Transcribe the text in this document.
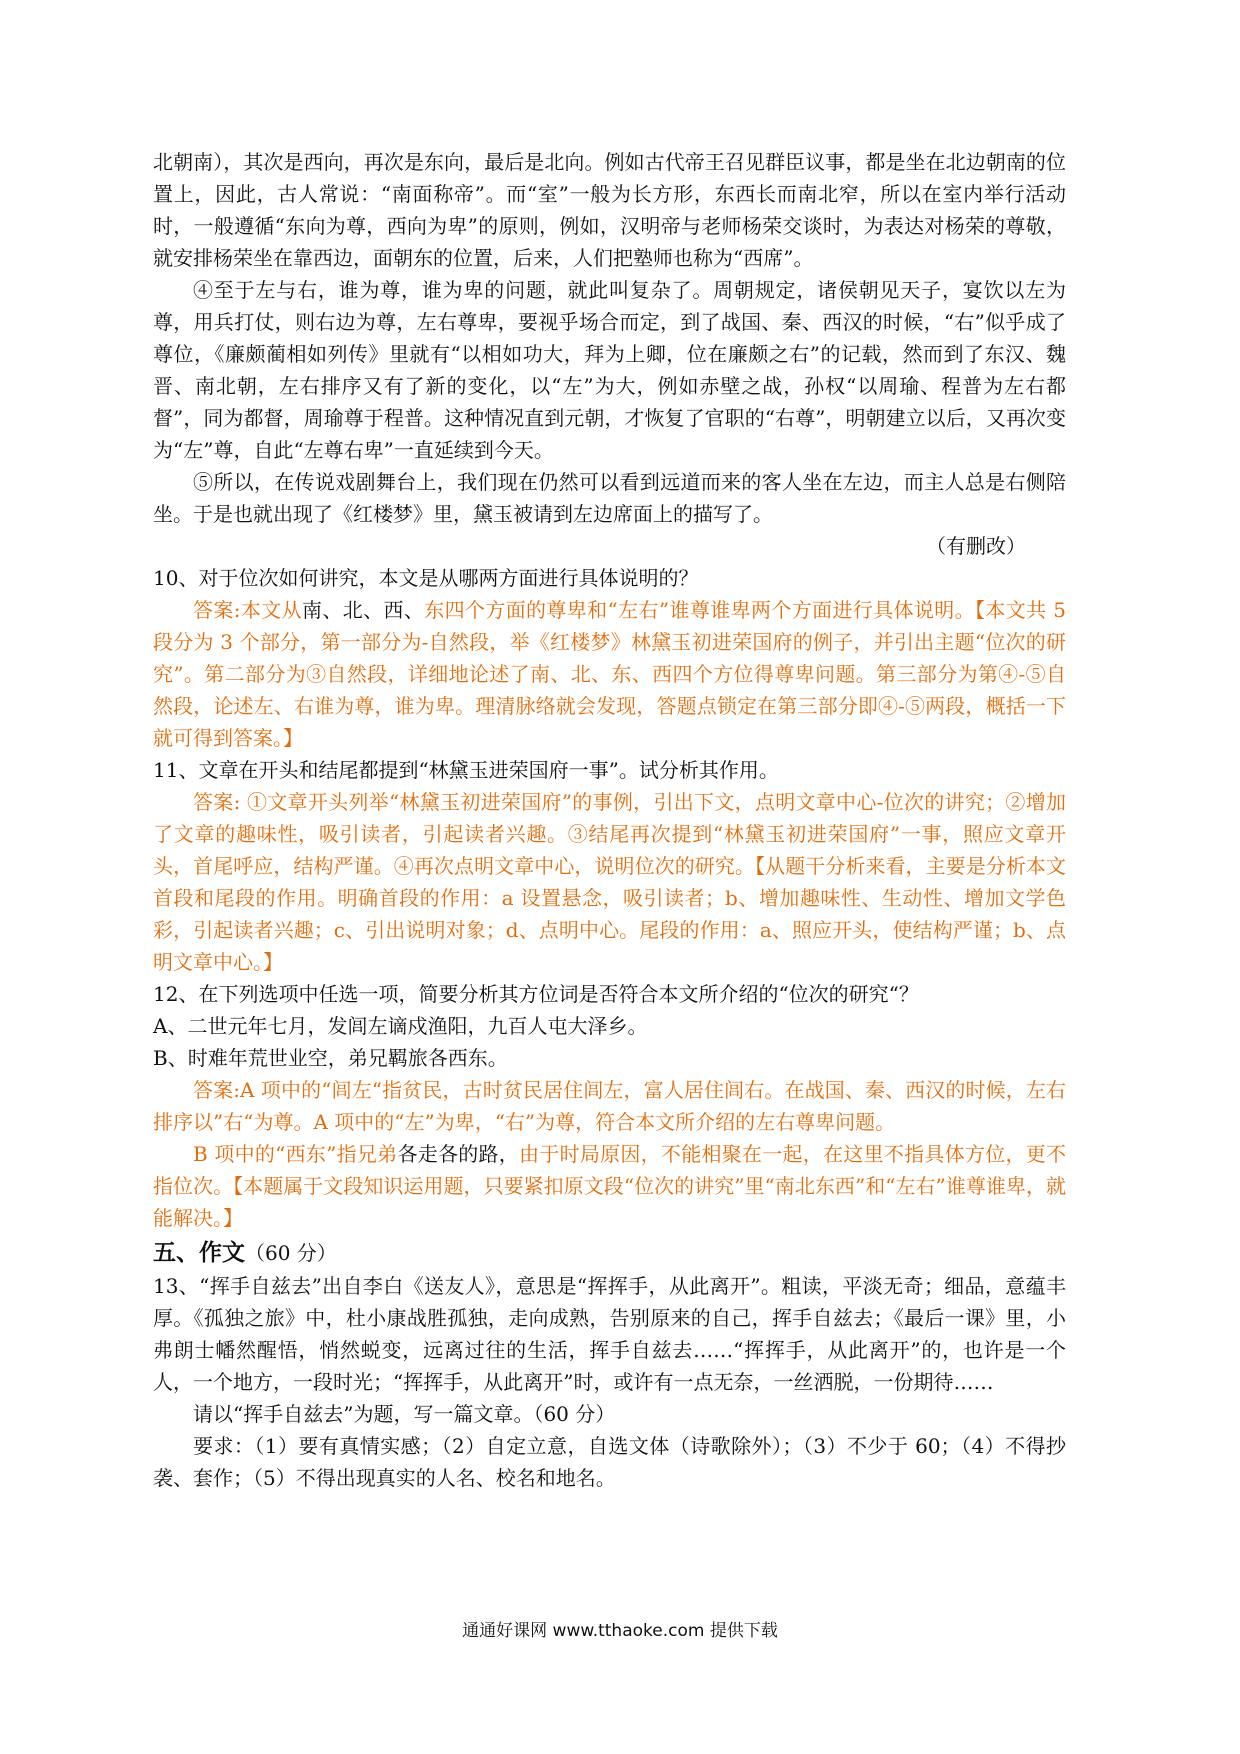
北朝南），其次是西向，再次是东向，最后是北向。例如古代帝王召见群臣议事，都是坐在北边朝南的位置上，因此，古人常说：“南面称帝”。而“室”一般为长方形，东西长而南北窄，所以在室内举行活动时，一般遵循“东向为尊，西向为卑”的原则，例如，汉明帝与老师杨荣交谈时，为表达对杨荣的尊敬，就安排杨荣坐在靠西边，面朝东的位置，后来，人们把塾师也称为“西席”。

④至于左与右，谁为尊，谁为卑的问题，就此叫复杂了。周朝规定，诸侯朝见天子，宴饮以左为尊，用兵打仗，则右边为尊，左右尊卑，要视乎场合而定，到了战国、秦、西汉的时候，“右”似乎成了尊位，《廉颇蔺相如列传》里就有“以相如功大，拜为上卿，位在廉颇之右”的记载，然而到了东汉、魏晋、南北朝，左右排序又有了新的变化，以“左”为大，例如赤壁之战，孙权“以周瑜、程普为左右都督”，同为都督，周瑜尊于程普。这种情况直到元朝，才恢复了官职的“右尊”，明朝建立以后，又再次变为“左”尊，自此“左尊右卑”一直延续到今天。

⑤所以，在传说戏剧舞台上，我们现在仍然可以看到远道而来的客人坐在左边，而主人总是右侧陪坐。于是也就出现了《红楼梦》里，黛玉被请到左边席面上的描写了。

（有删改）

10、对于位次如何讲究，本文是从哪两方面进行具体说明的？

答案:本文从南、北、西、东四个方面的尊卑和“左右”谁尊谁卑两个方面进行具体说明。【本文共 5 段分为 3 个部分，第一部分为-自然段，举《红楼梦》林黛玉初进荣国府的例子，并引出主题“位次的研究”。第二部分为③自然段，详细地论述了南、北、东、西四个方位得尊卑问题。第三部分为第④-⑤自然段，论述左、右谁为尊，谁为卑。理清脉络就会发现，答题点锁定在第三部分即④-⑤两段，概括一下就可得到答案。】

11、文章在开头和结尾都提到“林黛玉进荣国府一事”。试分析其作用。

答案: ①文章开头列举“林黛玉初进荣国府”的事例，引出下文，点明文章中心-位次的讲究；②增加了文章的趣味性，吸引读者，引起读者兴趣。③结尾再次提到“林黛玉初进荣国府”一事，照应文章开头，首尾呼应，结构严谨。④再次点明文章中心，说明位次的研究。【从题干分析来看，主要是分析本文首段和尾段的作用。明确首段的作用：a 设置悬念，吸引读者；b、增加趣味性、生动性、增加文学色彩，引起读者兴趣；c、引出说明对象；d、点明中心。尾段的作用：a、照应开头，使结构严谨；b、点明文章中心。】

12、在下列选项中任选一项，简要分析其方位词是否符合本文所介绍的“位次的研究“？

A、二世元年七月，发闾左谪戍渔阳，九百人屯大泽乡。

B、时难年荒世业空，弟兄羁旅各西东。

答案:A 项中的“闾左“指贫民，古时贫民居住闾左，富人居住闾右。在战国、秦、西汉的时候，左右排序以”右“为尊。A 项中的“左”为卑，“右”为尊，符合本文所介绍的左右尊卑问题。

B 项中的“西东”指兄弟各走各的路，由于时局原因，不能相聚在一起，在这里不指具体方位，更不指位次。【本题属于文段知识运用题，只要紧扣原文段“位次的讲究”里“南北东西”和“左右”谁尊谁卑，就能解决。】

五、作文（60 分）

13、“挥手自兹去”出自李白《送友人》，意思是“挥挥手，从此离开”。粗读，平淡无奇；细品，意蕴丰厚。《孤独之旅》中，杜小康战胜孤独，走向成熟，告别原来的自己，挥手自兹去；《最后一课》里，小弗朗士幡然醒悟，悄然蜕变，远离过往的生活，挥手自兹去……“挥挥手，从此离开”的，也许是一个人，一个地方，一段时光；“挥挥手，从此离开”时，或许有一点无奈，一丝洒脱，一份期待……

请以“挥手自兹去”为题，写一篇文章。（60 分）

要求：（1）要有真情实感；（2）自定立意，自选文体（诗歌除外）；（3）不少于 60；（4）不得抄袭、套作；（5）不得出现真实的人名、校名和地名。

通通好课网 www.tthaoke.com 提供下载
